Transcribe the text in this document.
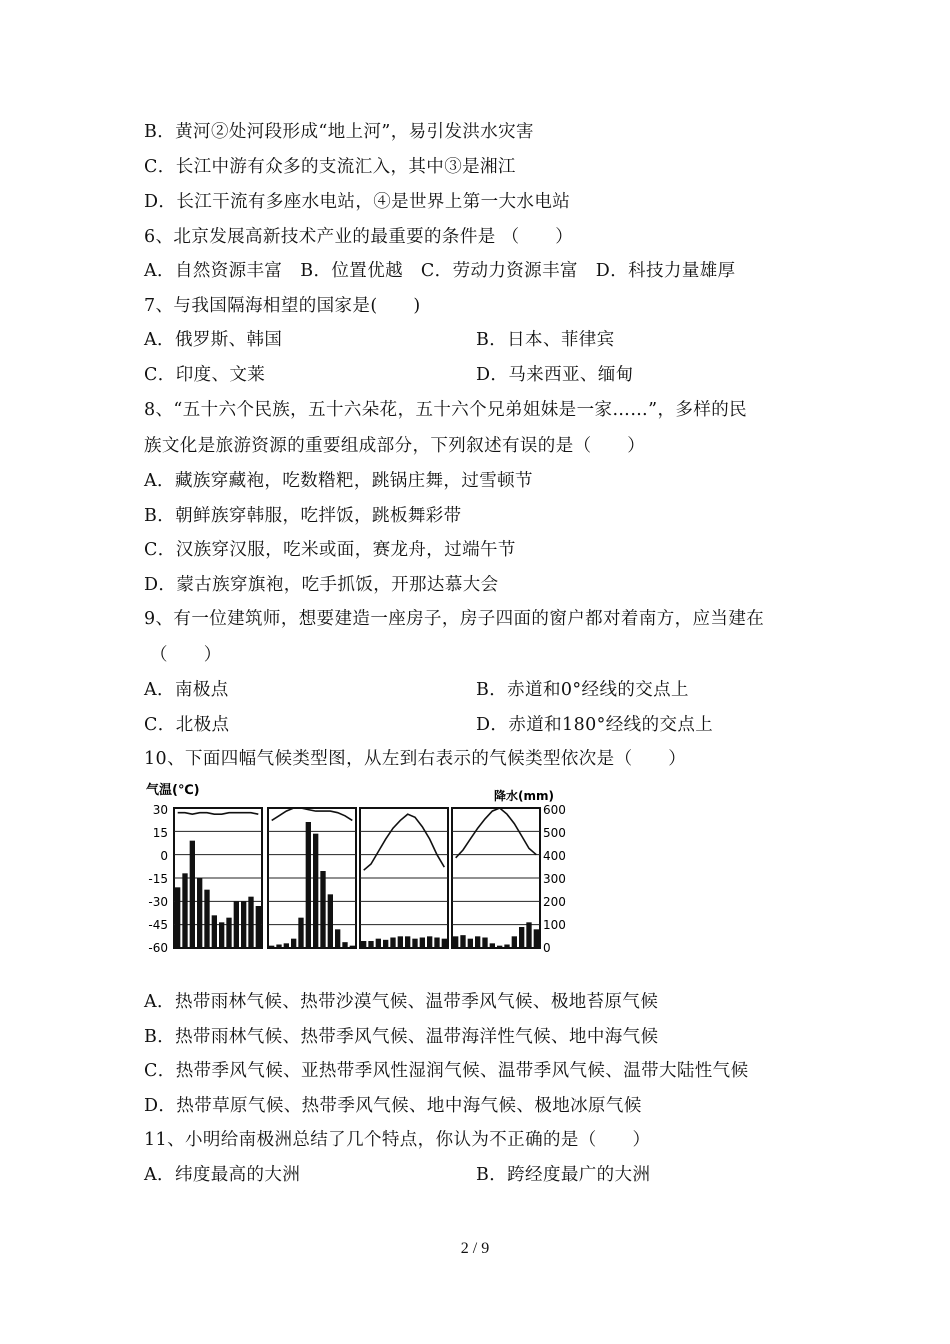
B．黄河②处河段形成“地上河”，易引发洪水灾害
C．长江中游有众多的支流汇入，其中③是湘江
D．长江干流有多座水电站，④是世界上第一大水电站
6、北京发展高新技术产业的最重要的条件是 （　　）
A．自然资源丰富　B．位置优越　C．劳动力资源丰富　D．科技力量雄厚
7、与我国隔海相望的国家是(　　)
A．俄罗斯、韩国	B．日本、菲律宾
C．印度、文莱	D．马来西亚、缅甸
8、“五十六个民族，五十六朵花，五十六个兄弟姐妹是一家……”，多样的民
族文化是旅游资源的重要组成部分，下列叙述有误的是（　　）
A．藏族穿藏袍，吃数糌粑，跳锅庄舞，过雪顿节
B．朝鲜族穿韩服，吃拌饭，跳板舞彩带
C．汉族穿汉服，吃米或面，赛龙舟，过端午节
D．蒙古族穿旗袍，吃手抓饭，开那达慕大会
9、有一位建筑师，想要建造一座房子，房子四面的窗户都对着南方，应当建在
（　　）
A．南极点	B．赤道和0°经线的交点上
C．北极点	D．赤道和180°经线的交点上
10、下面四幅气候类型图，从左到右表示的气候类型依次是（　　）
气温(℃)	降水(mm)
30
15
0
-15
-30
-45
-60
600
500
400
300
200
100
0
A．热带雨林气候、热带沙漠气候、温带季风气候、极地苔原气候
B．热带雨林气候、热带季风气候、温带海洋性气候、地中海气候
C．热带季风气候、亚热带季风性湿润气候、温带季风气候、温带大陆性气候
D．热带草原气候、热带季风气候、地中海气候、极地冰原气候
11、小明给南极洲总结了几个特点，你认为不正确的是（　　）
A．纬度最高的大洲	B．跨经度最广的大洲
2 / 9
